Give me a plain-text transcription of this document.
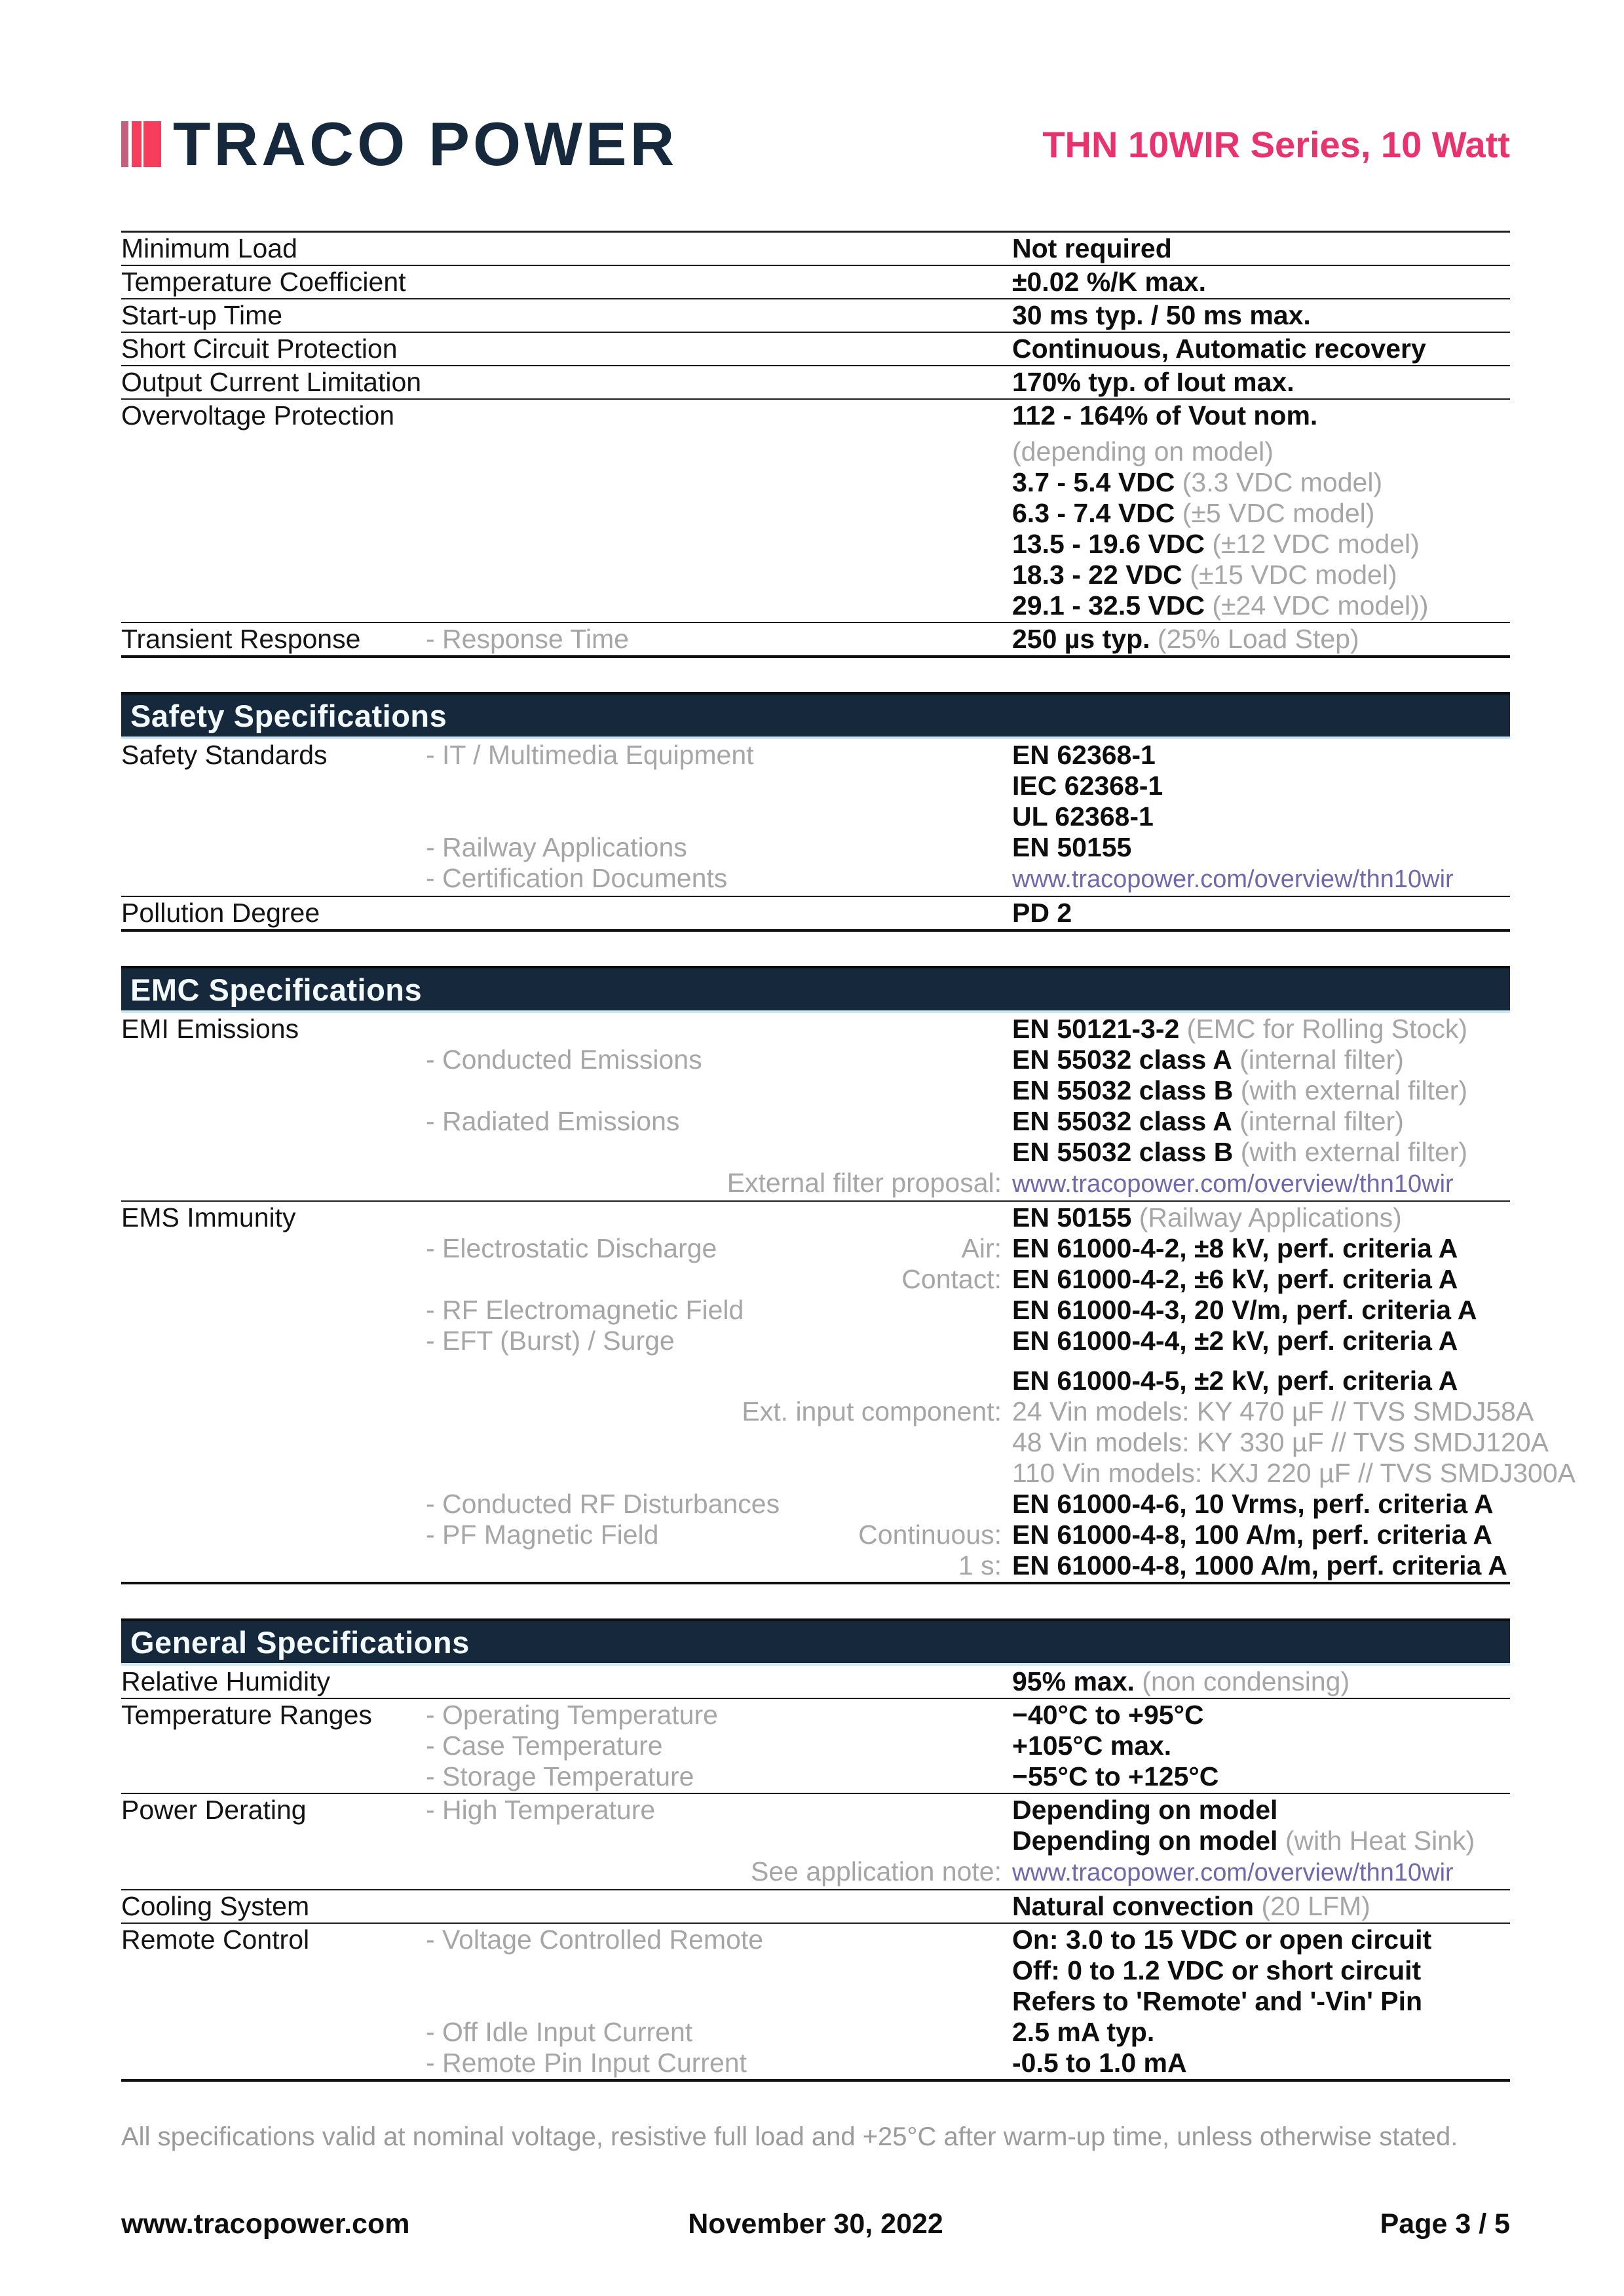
TRACO POWER	THN 10WIR Series, 10 Watt
Minimum Load	Not required
Temperature Coefficient	±0.02 %/K max.
Start-up Time	30 ms typ. / 50 ms max.
Short Circuit Protection	Continuous, Automatic recovery
Output Current Limitation	170% typ. of Iout max.
Overvoltage Protection	112 - 164% of Vout nom.
(depending on model)
3.7 - 5.4 VDC (3.3 VDC model)
6.3 - 7.4 VDC (±5 VDC model)
13.5 - 19.6 VDC (±12 VDC model)
18.3 - 22 VDC (±15 VDC model)
29.1 - 32.5 VDC (±24 VDC model))
Transient Response	- Response Time	250 µs typ. (25% Load Step)
Safety Specifications
Safety Standards	- IT / Multimedia Equipment	EN 62368-1
IEC 62368-1
UL 62368-1
- Railway Applications	EN 50155
- Certification Documents	www.tracopower.com/overview/thn10wir
Pollution Degree	PD 2
EMC Specifications
EMI Emissions	EN 50121-3-2 (EMC for Rolling Stock)
- Conducted Emissions	EN 55032 class A (internal filter)
EN 55032 class B (with external filter)
- Radiated Emissions	EN 55032 class A (internal filter)
EN 55032 class B (with external filter)
External filter proposal: www.tracopower.com/overview/thn10wir
EMS Immunity	EN 50155 (Railway Applications)
- Electrostatic Discharge	Air: EN 61000-4-2, ±8 kV, perf. criteria A
Contact: EN 61000-4-2, ±6 kV, perf. criteria A
- RF Electromagnetic Field	EN 61000-4-3, 20 V/m, perf. criteria A
- EFT (Burst) / Surge	EN 61000-4-4, ±2 kV, perf. criteria A
EN 61000-4-5, ±2 kV, perf. criteria A
Ext. input component: 24 Vin models: KY 470 µF // TVS SMDJ58A
48 Vin models: KY 330 µF // TVS SMDJ120A
110 Vin models: KXJ 220 µF // TVS SMDJ300A
- Conducted RF Disturbances	EN 61000-4-6, 10 Vrms, perf. criteria A
- PF Magnetic Field	Continuous: EN 61000-4-8, 100 A/m, perf. criteria A
1 s: EN 61000-4-8, 1000 A/m, perf. criteria A
General Specifications
Relative Humidity	95% max. (non condensing)
Temperature Ranges	- Operating Temperature	−40°C to +95°C
- Case Temperature	+105°C max.
- Storage Temperature	−55°C to +125°C
Power Derating	- High Temperature	Depending on model
Depending on model (with Heat Sink)
See application note: www.tracopower.com/overview/thn10wir
Cooling System	Natural convection (20 LFM)
Remote Control	- Voltage Controlled Remote	On: 3.0 to 15 VDC or open circuit
Off: 0 to 1.2 VDC or short circuit
Refers to 'Remote' and '-Vin' Pin
- Off Idle Input Current	2.5 mA typ.
- Remote Pin Input Current	-0.5 to 1.0 mA

All specifications valid at nominal voltage, resistive full load and +25°C after warm-up time, unless otherwise stated.

www.tracopower.com	November 30, 2022	Page 3 / 5
